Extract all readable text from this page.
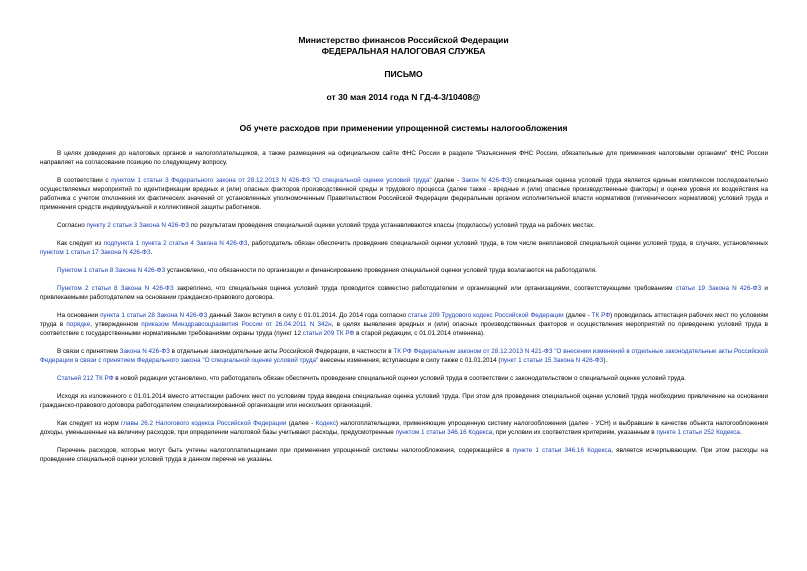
Министерство финансов Российской Федерации
ФЕДЕРАЛЬНАЯ НАЛОГОВАЯ СЛУЖБА
ПИСЬМО
от 30 мая 2014 года N ГД-4-3/10408@
Об учете расходов при применении упрощенной системы налогообложения

В целях доведения до налоговых органов и налогоплательщиков, а также размещения на официальном сайте ФНС России в разделе "Разъяснения ФНС России, обязательные для применения налоговыми органами" ФНС России направляет на согласование позицию по следующему вопросу.

В соответствии с пунктом 1 статьи 3 Федерального закона от 28.12.2013 N 426-ФЗ "О специальной оценке условий труда" (далее - Закон N 426-ФЗ) специальная оценка условий труда является единым комплексом последовательно осуществляемых мероприятий по идентификации вредных и (или) опасных факторов производственной среды и трудового процесса (далее также - вредные и (или) опасные производственные факторы) и оценке уровня их воздействия на работника с учетом отклонения их фактических значений от установленных уполномоченным Правительством Российской Федерации федеральным органом исполнительной власти нормативов (гигиенических нормативов) условий труда и применения средств индивидуальной и коллективной защиты работников.

Согласно пункту 2 статьи 3 Закона N 426-ФЗ по результатам проведения специальной оценки условий труда устанавливаются классы (подклассы) условий труда на рабочих местах.

Как следует из подпункта 1 пункта 2 статьи 4 Закона N 426-ФЗ, работодатель обязан обеспечить проведение специальной оценки условий труда, в том числе внеплановой специальной оценки условий труда, в случаях, установленных пунктом 1 статьи 17 Закона N 426-ФЗ.

Пунктом 1 статьи 8 Закона N 426-ФЗ установлено, что обязанности по организации и финансированию проведения специальной оценки условий труда возлагаются на работодателя.

Пунктом 2 статьи 8 Закона N 426-ФЗ закреплено, что специальная оценка условий труда проводится совместно работодателем и организацией или организациями, соответствующими требованиям статьи 19 Закона N 426-ФЗ и привлекаемыми работодателем на основании гражданско-правового договора.

На основании пункта 1 статьи 28 Закона N 426-ФЗ данный Закон вступил в силу с 01.01.2014. До 2014 года согласно статье 209 Трудового кодекс Российской Федерации (далее - ТК РФ) проводилась аттестация рабочих мест по условиям труда в порядке, утвержденном приказом Минздравсоцразвития России от 26.04.2011 N 342н, в целях выявления вредных и (или) опасных производственных факторов и осуществления мероприятий по приведению условий труда в соответствие с государственными нормативными требованиями охраны труда (пункт 12 статьи 209 ТК РФ в старой редакции, с 01.01.2014 отменена).

В связи с принятием Закона N 426-ФЗ в отдельные законодательные акты Российской Федерации, в частности в ТК РФ Федеральным законом от 28.12.2013 N 421-ФЗ "О внесении изменений в отдельные законодательные акты Российской Федерации в связи с принятием Федерального закона "О специальной оценке условий труда" внесены изменения, вступающие в силу также с 01.01.2014 (пункт 1 статьи 15 Закона N 426-ФЗ).

Статьей 212 ТК РФ в новой редакции установлено, что работодатель обязан обеспечить проведение специальной оценки условий труда в соответствии с законодательством о специальной оценке условий труда.

Исходя из изложенного с 01.01.2014 вместо аттестации рабочих мест по условиям труда введена специальная оценка условий труда. При этом для проведения специальной оценки условий труда необходимо привлечение на основании гражданско-правового договора работодателем специализированной организации или нескольких организаций.

Как следует из норм главы 26.2 Налогового кодекса Российской Федерации (далее - Кодекс) налогоплательщики, применяющие упрощенную систему налогообложения (далее - УСН) и выбравшие в качестве объекта налогообложения доходы, уменьшенные на величину расходов, при определении налоговой базы учитывают расходы, предусмотренные пунктом 1 статьи 346.16 Кодекса, при условии их соответствия критериям, указанным в пункте 1 статьи 252 Кодекса.

Перечень расходов, которые могут быть учтены налогоплательщиками при применении упрощенной системы налогообложения, содержащийся в пункте 1 статьи 346.16 Кодекса, является исчерпывающим. При этом расходы на проведение специальной оценки условий труда в данном перечне не указаны.
